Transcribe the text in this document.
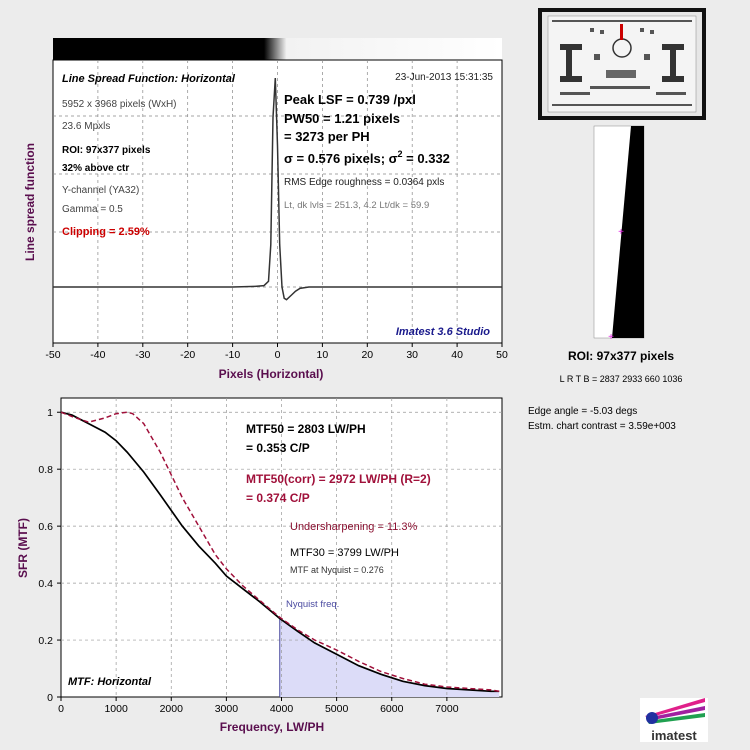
-50	-40	-30	-20	-10	0	10	20	30	40	50
Line Spread Function: Horizontal	23-Jun-2013 15:31:35
5952 x 3968 pixels (WxH)
23.6 Mpxls
ROI: 97x377 pixels
32% above ctr
Y-channel (YA32)
Gamma = 0.5
Clipping = 2.59%
Peak LSF = 0.739 /pxl
PW50 = 1.21 pixels
= 3273 per PH
σ = 0.576 pixels; $\sigma^2 = 0.332$
RMS Edge roughness = 0.0364 pxls
Lt, dk lvls = 251.3, 4.2 Lt/dk = 59.9
Imatest 3.6 Studio
Line spread function
Pixels (Horizontal)
+
+
ROI: 97x377 pixels
L R T B = 2837 2933 660 1036
Edge angle = -5.03 degs
Estm. chart contrast = 3.59e+003
0	1000	2000	3000	4000	5000	6000	7000
0
0.2
0.4
0.6
0.8
1
MTF50 = 2803 LW/PH
= 0.353 C/P
MTF50(corr) = 2972 LW/PH (R=2)
= 0.374 C/P
Undersharpening = 11.3%
MTF30 = 3799 LW/PH
MTF at Nyquist = 0.276
Nyquist freq.
MTF: Horizontal
SFR (MTF)
Frequency, LW/PH
imatest
